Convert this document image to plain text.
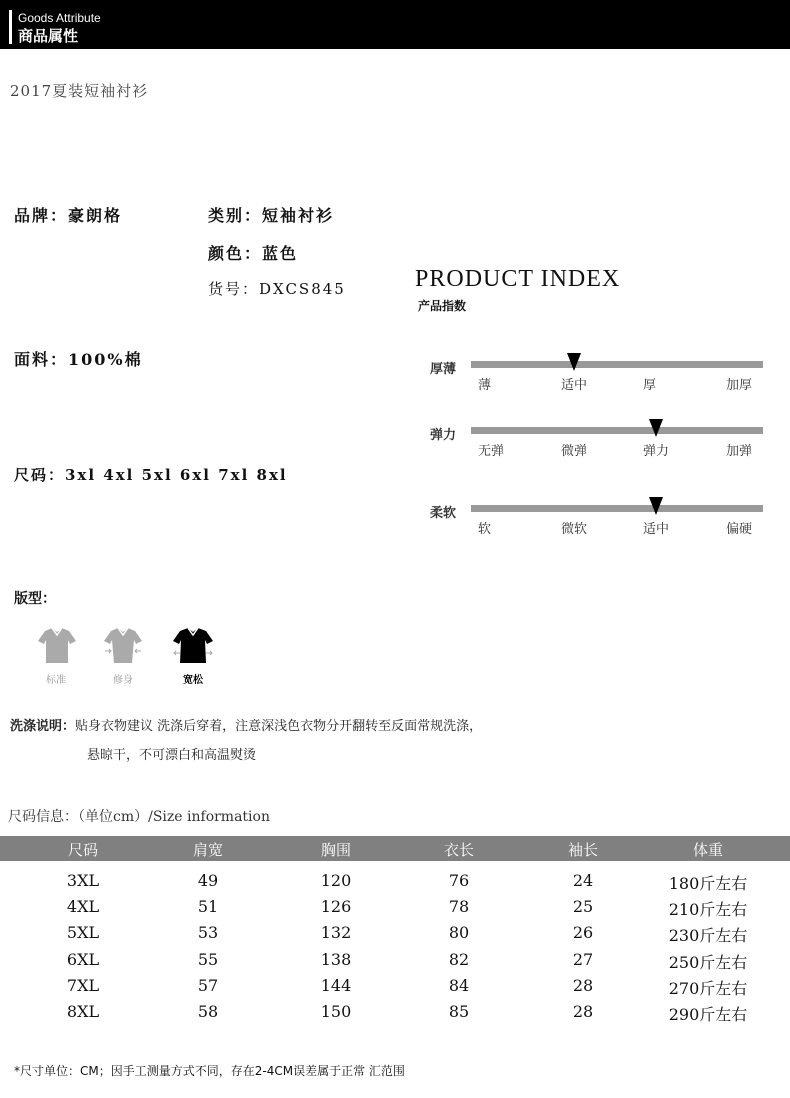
Goods Attribute
商品属性
2017夏装短袖衬衫
品牌：豪朗格	类别：短袖衬衫
颜色：蓝色
货号：DXCS845
面料：100%棉
尺码：3xl 4xl 5xl 6xl 7xl 8xl
PRODUCT INDEX
产品指数
厚薄
薄	适中	厚	加厚
弹力
无弹	微弹	弹力	加弹
柔软
软	微软	适中	偏硬
版型：
标准	修身	宽松
洗涤说明：贴身衣物建议 洗涤后穿着，注意深浅色衣物分开翻转至反面常规洗涤，
悬晾干，不可漂白和高温熨烫
尺码信息：（单位cm）/Size information
尺码	肩宽	胸围	衣长	袖长	体重
3XL	49	120	76	24	180斤左右
4XL	51	126	78	25	210斤左右
5XL	53	132	80	26	230斤左右
6XL	55	138	82	27	250斤左右
7XL	57	144	84	28	270斤左右
8XL	58	150	85	28	290斤左右
*尺寸单位：CM；因手工测量方式不同，存在2-4CM误差属于正常 汇范围
